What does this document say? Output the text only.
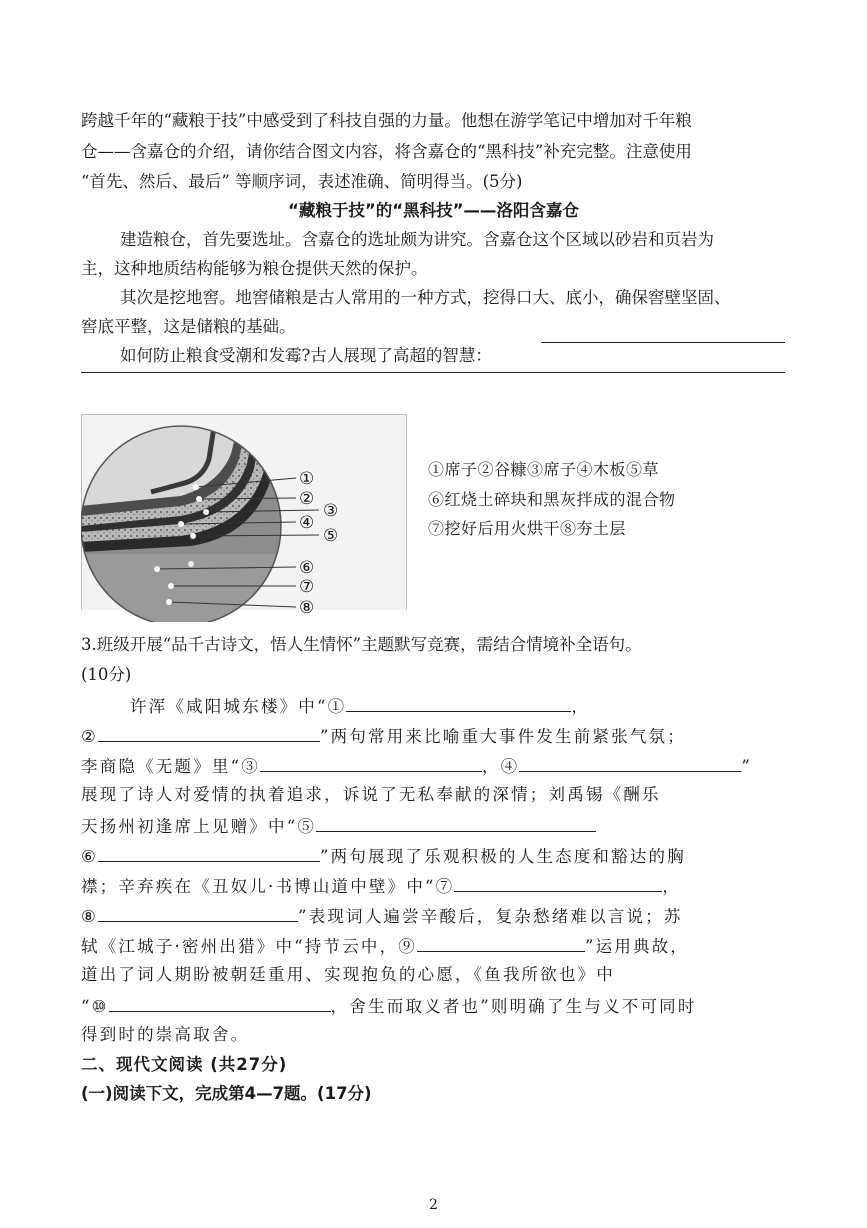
跨越千年的“藏粮于技”中感受到了科技自强的力量。他想在游学笔记中增加对千年粮
仓——含嘉仓的介绍，请你结合图文内容，将含嘉仓的“黑科技”补充完整。注意使用
“首先、然后、最后” 等顺序词，表述准确、简明得当。(5分)
“藏粮于技”的“黑科技”——洛阳含嘉仓
建造粮仓，首先要选址。含嘉仓的选址颇为讲究。含嘉仓这个区域以砂岩和页岩为
主，这种地质结构能够为粮仓提供天然的保护。
其次是挖地窖。地窖储粮是古人常用的一种方式，挖得口大、底小，确保窖壁坚固、
窖底平整，这是储粮的基础。
如何防止粮食受潮和发霉?古人展现了高超的智慧：
①
②
③
④
⑤
⑥
⑦
⑧
①席子②谷糠③席子④木板⑤草
⑥红烧土碎块和黑灰拌成的混合物
⑦挖好后用火烘干⑧夯土层
3.班级开展“品千古诗文，悟人生情怀”主题默写竞赛，需结合情境补全语句。
(10分)
许浑《咸阳城东楼》中“①	，
②	”两句常用来比喻重大事件发生前紧张气氛；
李商隐《无题》里“③	，④	”
展现了诗人对爱情的执着追求，诉说了无私奉献的深情；刘禹锡《酬乐
天扬州初逢席上见赠》中“⑤
⑥	”两句展现了乐观积极的人生态度和豁达的胸
襟；辛弃疾在《丑奴儿·书博山道中壁》中“⑦	，
⑧	”表现词人遍尝辛酸后，复杂愁绪难以言说；苏
轼《江城子·密州出猎》中“持节云中，⑨	”运用典故，
道出了词人期盼被朝廷重用、实现抱负的心愿，《鱼我所欲也》中
“⑩	，舍生而取义者也”则明确了生与义不可同时
得到时的崇高取舍。
二、现代文阅读 (共27分)
(一)阅读下文，完成第4—7题。(17分)
2
